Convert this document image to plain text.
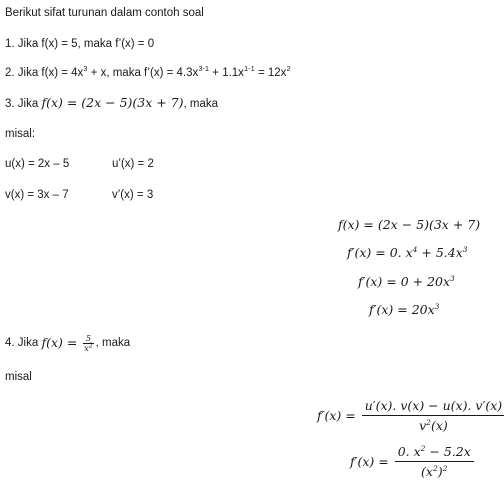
Berikut sifat turunan dalam contoh soal
1. Jika f(x) = 5, maka f’(x) = 0
2. Jika $f(x) = 4x^3 + x$, maka f’(x) = $4.3x^{3-1} + 1.1x^{1-1} = 12x^2$
3. Jika f(x) = (2x − 5)(3x + 7), maka
misal:
u(x) = 2x – 5	u’(x) = 2
v(x) = 3x – 7	v’(x) = 3
f(x) = (2x − 5)(3x + 7)
f′(x) = 0. $x^4 + 5.4x^3$
$f'(x) = 0 + 20x^3$
$f'(x) = 20x^3$
4. Jika $f(x) = \frac{5}{x^2}$ , maka
misal
$f'(x) = \frac{u'(x). v(x) - u(x). v'(x)}{v^2(x)}$
$f'(x) = \frac{0. x^2 - 5.2x}{(x^2)^2}$
